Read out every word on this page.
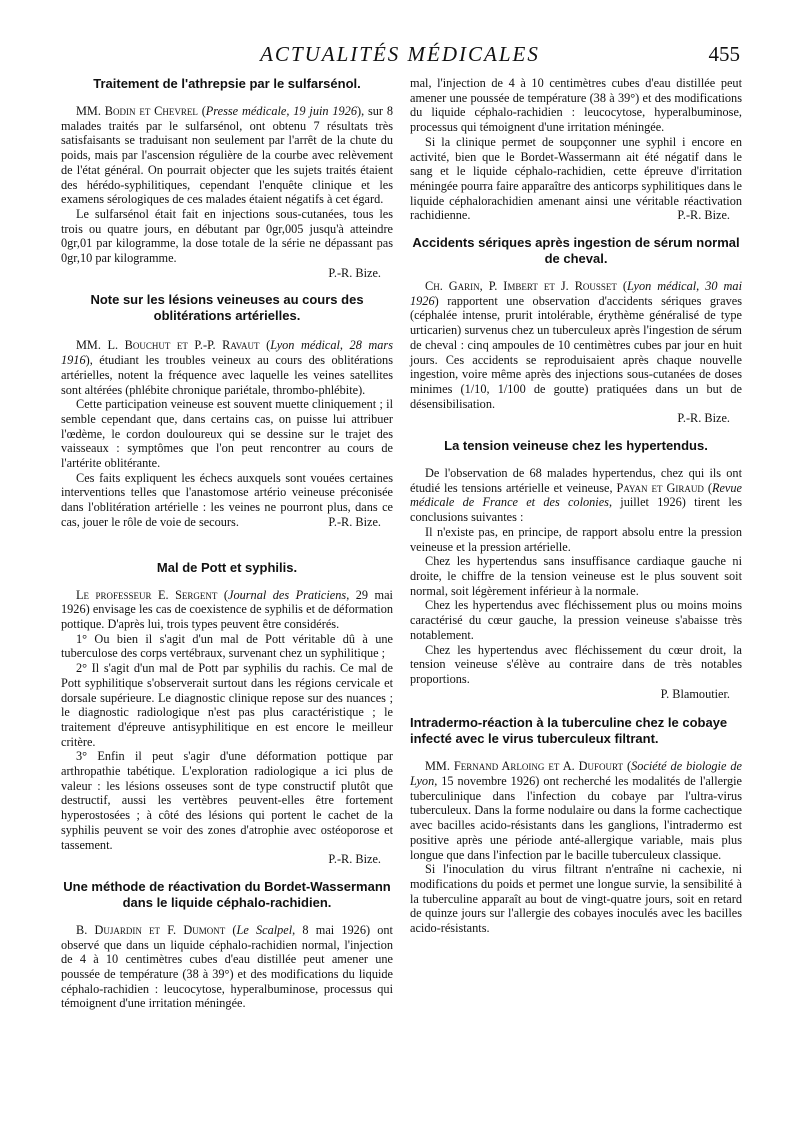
ACTUALITÉS MÉDICALES	455
Traitement de l'athrepsie par le sulfarsénol.

MM. Bodin et Chevrel (Presse médicale, 19 juin 1926), sur 8 malades traités par le sulfarsénol, ont obtenu 7 résultats très satisfaisants se traduisant non seulement par l'arrêt de la chute du poids, mais par l'ascension régulière de la courbe avec relèvement de l'état général. On pourrait objecter que les sujets traités étaient des hérédo-syphilitiques, cependant l'enquête clinique et les examens sérologiques de ces malades étaient négatifs à cet égard.

Le sulfarsénol était fait en injections sous-cutanées, tous les trois ou quatre jours, en débutant par 0gr,005 jusqu'à atteindre 0gr,01 par kilogramme, la dose totale de la série ne dépassant pas 0gr,10 par kilogramme.

P.-R. Bize.

Note sur les lésions veineuses au cours des oblitérations artérielles.

MM. L. Bouchut et P.-P. Ravaut (Lyon médical, 28 mars 1916), étudiant les troubles veineux au cours des oblitérations artérielles, notent la fréquence avec laquelle les veines satellites sont altérées (phlébite chronique pariétale, thrombo-phlébite).

Cette participation veineuse est souvent muette cliniquement ; il semble cependant que, dans certains cas, on puisse lui attribuer l'œdème, le cordon douloureux qui se dessine sur le trajet des vaisseaux : symptômes que l'on peut rencontrer au cours de l'artérite oblitérante.

Ces faits expliquent les échecs auxquels sont vouées certaines interventions telles que l'anastomose artério veineuse préconisée dans l'oblitération artérielle : les veines ne pourront plus, dans ce cas, jouer le rôle de voie de secours.	P.-R. Bize.

Mal de Pott et syphilis.

Le professeur E. Sergent (Journal des Praticiens, 29 mai 1926) envisage les cas de coexistence de syphilis et de déformation pottique. D'après lui, trois types peuvent être considérés.

1° Ou bien il s'agit d'un mal de Pott véritable dû à une tuberculose des corps vertébraux, survenant chez un syphilitique ;

2° Il s'agit d'un mal de Pott par syphilis du rachis. Ce mal de Pott syphilitique s'observerait surtout dans les régions cervicale et dorsale supérieure. Le diagnostic clinique repose sur des nuances ; le diagnostic radiologique n'est pas plus caractéristique ; le traitement d'épreuve antisyphilitique en est encore le meilleur critère.

3° Enfin il peut s'agir d'une déformation pottique par arthropathie tabétique. L'exploration radiologique a ici plus de valeur : les lésions osseuses sont de type constructif plutôt que destructif, aussi les vertèbres peuvent-elles être fortement hyperostosées ; à côté des lésions qui portent le cachet de la syphilis peuvent se voir des zones d'atrophie avec ostéoporose et tassement.

P.-R. Bize.

Une méthode de réactivation du Bordet-Wassermann dans le liquide céphalo-rachidien.

B. Dujardin et F. Dumont (Le Scalpel, 8 mai 1926) ont observé que dans un liquide céphalo-rachidien normal, l'injection de 4 à 10 centimètres cubes d'eau distillée peut amener une poussée de température (38 à 39°) et des modifications du liquide céphalo-rachidien : leucocytose, hyperalbuminose, processus qui témoignent d'une irritation méningée.

mal, l'injection de 4 à 10 centimètres cubes d'eau distillée peut amener une poussée de température (38 à 39°) et des modifications du liquide céphalo-rachidien : leucocytose, hyperalbuminose, processus qui témoignent d'une irritation méningée.

Si la clinique permet de soupçonner une syphil i encore en activité, bien que le Bordet-Wassermann ait été négatif dans le sang et le liquide céphalo-rachidien, cette épreuve d'irritation méningée pourra faire apparaître des anticorps syphilitiques dans le liquide céphalorachidien amenant ainsi une véritable réactivation rachidienne.	P.-R. Bize.

Accidents sériques après ingestion de sérum normal de cheval.

Ch. Garin, P. Imbert et J. Rousset (Lyon médical, 30 mai 1926) rapportent une observation d'accidents sériques graves (céphalée intense, prurit intolérable, érythème généralisé de type urticarien) survenus chez un tuberculeux après l'ingestion de sérum de cheval : cinq ampoules de 10 centimètres cubes par jour en huit jours. Ces accidents se reproduisaient après chaque nouvelle ingestion, voire même après des injections sous-cutanées de doses minimes (1/10, 1/100 de goutte) pratiquées dans un but de désensibilisation.

P.-R. Bize.

La tension veineuse chez les hypertendus.

De l'observation de 68 malades hypertendus, chez qui ils ont étudié les tensions artérielle et veineuse, Payan et Giraud (Revue médicale de France et des colonies, juillet 1926) tirent les conclusions suivantes :

Il n'existe pas, en principe, de rapport absolu entre la pression veineuse et la pression artérielle.

Chez les hypertendus sans insuffisance cardiaque gauche ni droite, le chiffre de la tension veineuse est le plus souvent soit normal, soit légèrement inférieur à la normale.

Chez les hypertendus avec fléchissement plus ou moins moins caractérisé du cœur gauche, la pression veineuse s'abaisse très notablement.

Chez les hypertendus avec fléchissement du cœur droit, la tension veineuse s'élève au contraire dans de très notables proportions.

P. Blamoutier.

Intradermo-réaction à la tuberculine chez le cobaye infecté avec le virus tuberculeux filtrant.

MM. Fernand Arloing et A. Dufourt (Société de biologie de Lyon, 15 novembre 1926) ont recherché les modalités de l'allergie tuberculinique dans l'infection du cobaye par l'ultra-virus tuberculeux. Dans la forme nodulaire ou dans la forme cachectique avec bacilles acido-résistants dans les ganglions, l'intradermo est positive après une période anté-allergique variable, mais plus longue que dans l'infection par le bacille tuberculeux classique.

Si l'inoculation du virus filtrant n'entraîne ni cachexie, ni modifications du poids et permet une longue survie, la sensibilité à la tuberculine apparaît au bout de vingt-quatre jours, soit en retard de quinze jours sur l'allergie des cobayes inoculés avec les bacilles acido-résistants.
